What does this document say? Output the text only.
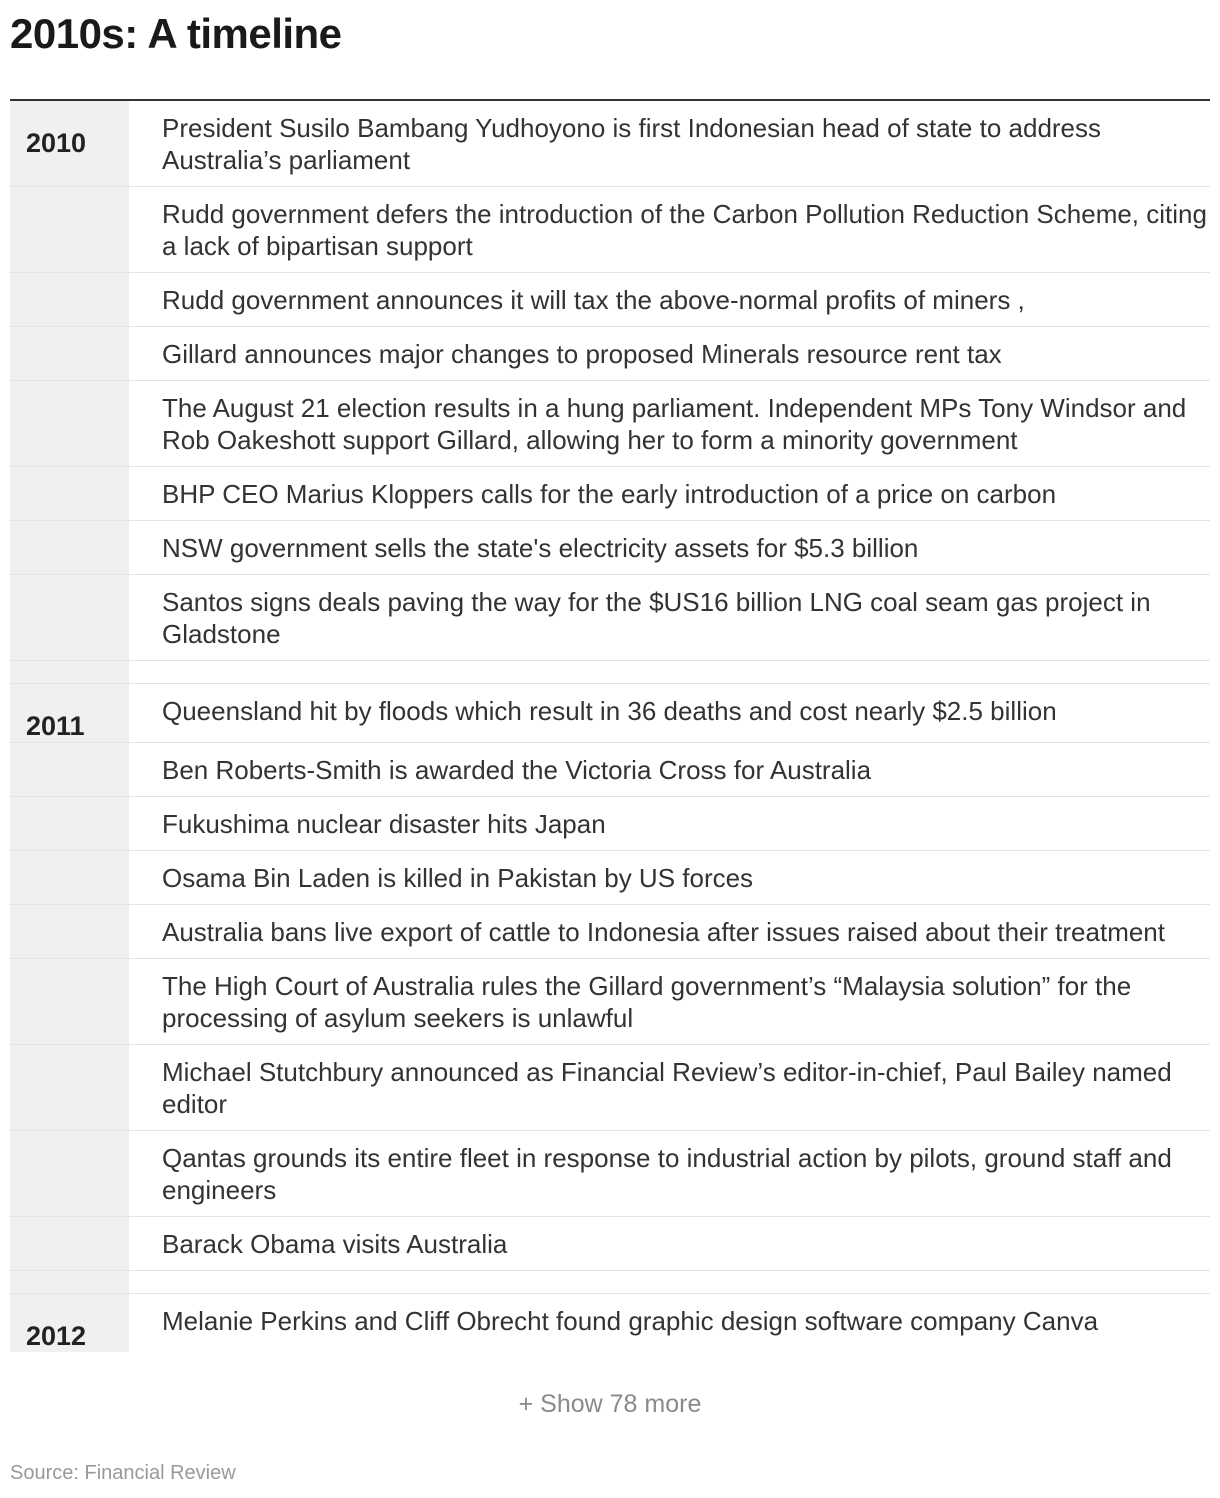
2010s: A timeline
2010	President Susilo Bambang Yudhoyono is first Indonesian head of state to address Australia’s parliament
Rudd government defers the introduction of the Carbon Pollution Reduction Scheme, citing a lack of bipartisan support
Rudd government announces it will tax the above-normal profits of miners ,
Gillard announces major changes to proposed Minerals resource rent tax
The August 21 election results in a hung parliament. Independent MPs Tony Windsor and Rob Oakeshott support Gillard, allowing her to form a minority government
BHP CEO Marius Kloppers calls for the early introduction of a price on carbon
NSW government sells the state's electricity assets for $5.3 billion
Santos signs deals paving the way for the $US16 billion LNG coal seam gas project in Gladstone
2011	Queensland hit by floods which result in 36 deaths and cost nearly $2.5 billion
Ben Roberts-Smith is awarded the Victoria Cross for Australia
Fukushima nuclear disaster hits Japan
Osama Bin Laden is killed in Pakistan by US forces
Australia bans live export of cattle to Indonesia after issues raised about their treatment
The High Court of Australia rules the Gillard government’s “Malaysia solution” for the processing of asylum seekers is unlawful
Michael Stutchbury announced as Financial Review’s editor-in-chief, Paul Bailey named editor
Qantas grounds its entire fleet in response to industrial action by pilots, ground staff and engineers
Barack Obama visits Australia
2012	Melanie Perkins and Cliff Obrecht found graphic design software company Canva
+ Show 78 more
Source: Financial Review
